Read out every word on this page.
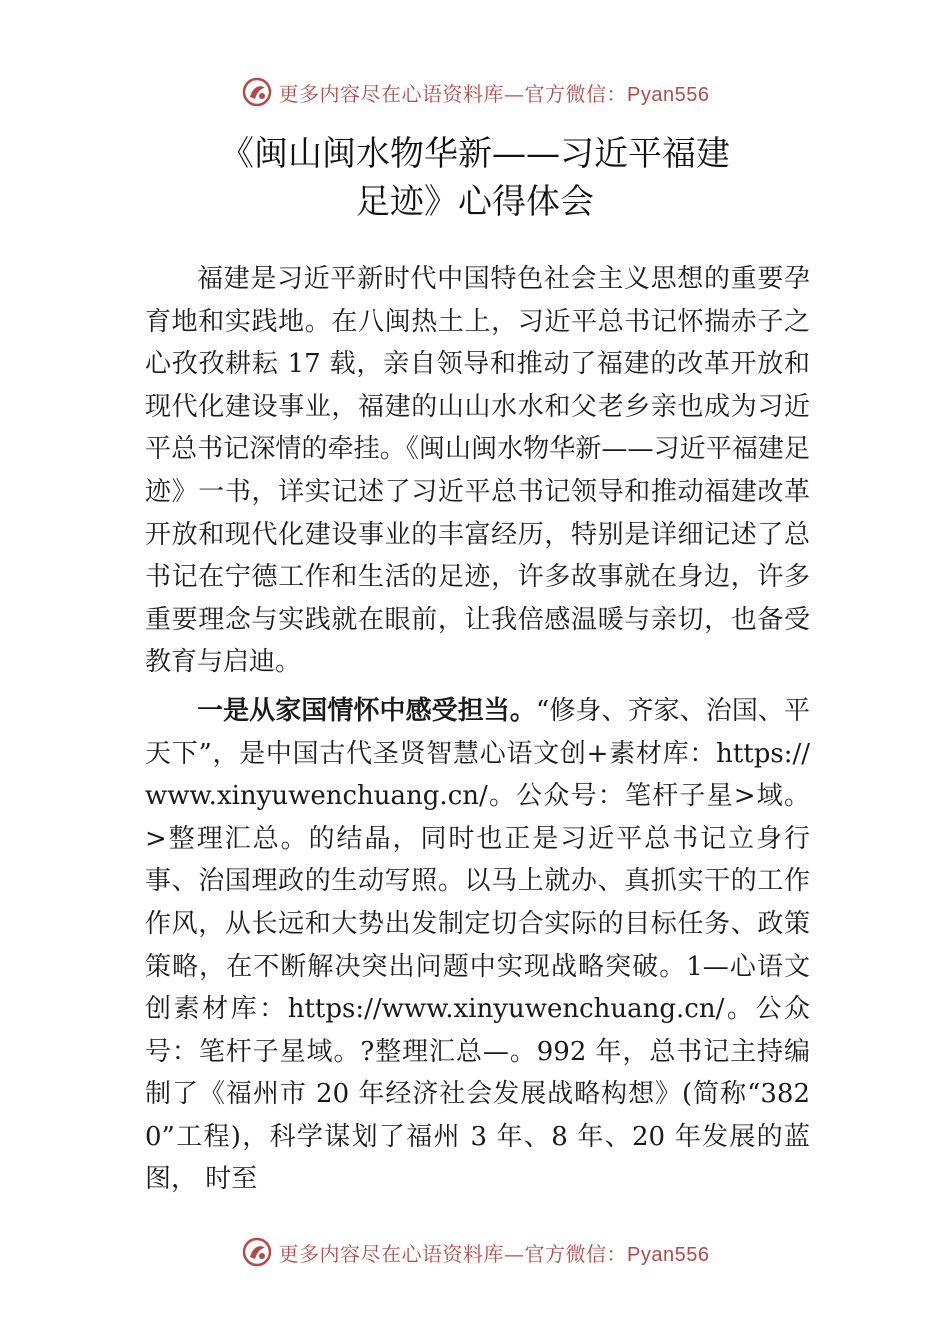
更多内容尽在心语资料库—官方微信：Pyan556
《闽山闽水物华新——习近平福建
足迹》心得体会

福建是习近平新时代中国特色社会主义思想的重要孕育地和实践地。在八闽热土上，习近平总书记怀揣赤子之心孜孜耕耘 17 载，亲自领导和推动了福建的改革开放和现代化建设事业，福建的山山水水和父老乡亲也成为习近平总书记深情的牵挂。《闽山闽水物华新——习近平福建足迹》一书，详实记述了习近平总书记领导和推动福建改革开放和现代化建设事业的丰富经历，特别是详细记述了总书记在宁德工作和生活的足迹，许多故事就在身边，许多重要理念与实践就在眼前，让我倍感温暖与亲切，也备受教育与启迪。

一是从家国情怀中感受担当。“修身、齐家、治国、平天下”，是中国古代圣贤智慧心语文创+素材库：https://www.xinyuwenchuang.cn/。公众号：笔杆子星>域。>整理汇总。的结晶，同时也正是习近平总书记立身行事、治国理政的生动写照。以马上就办、真抓实干的工作作风，从长远和大势出发制定切合实际的目标任务、政策策略，在不断解决突出问题中实现战略突破。1—心语文创素材库：https://www.xinyuwenchuang.cn/。公众号：笔杆子星域。?整理汇总—。992 年，总书记主持编制了《福州市 20 年经济社会发展战略构想》(简称“3820”工程)，科学谋划了福州 3 年、8 年、20 年发展的蓝图， 时至

更多内容尽在心语资料库—官方微信：Pyan556
